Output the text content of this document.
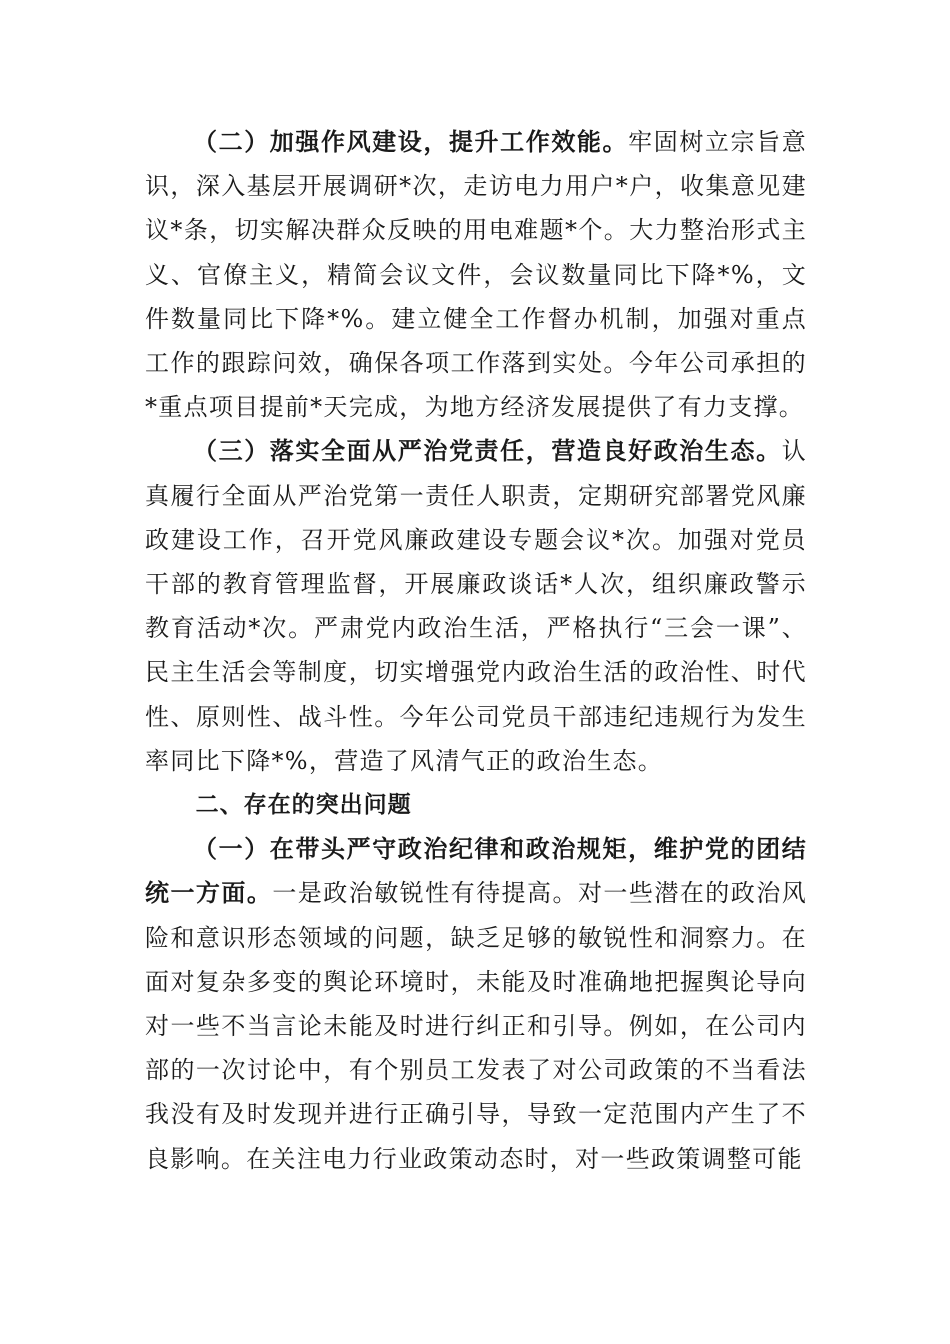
（二）加强作风建设，提升工作效能。牢固树立宗旨意识，深入基层开展调研*次，走访电力用户*户，收集意见建议*条，切实解决群众反映的用电难题*个。大力整治形式主义、官僚主义，精简会议文件，会议数量同比下降*%，文件数量同比下降*%。建立健全工作督办机制，加强对重点工作的跟踪问效，确保各项工作落到实处。今年公司承担的*重点项目提前*天完成，为地方经济发展提供了有力支撑。

（三）落实全面从严治党责任，营造良好政治生态。认真履行全面从严治党第一责任人职责，定期研究部署党风廉政建设工作，召开党风廉政建设专题会议*次。加强对党员干部的教育管理监督，开展廉政谈话*人次，组织廉政警示教育活动*次。严肃党内政治生活，严格执行“三会一课”、民主生活会等制度，切实增强党内政治生活的政治性、时代性、原则性、战斗性。今年公司党员干部违纪违规行为发生率同比下降*%，营造了风清气正的政治生态。

二、存在的突出问题

（一）在带头严守政治纪律和政治规矩，维护党的团结统一方面。一是政治敏锐性有待提高。对一些潜在的政治风险和意识形态领域的问题，缺乏足够的敏锐性和洞察力。在面对复杂多变的舆论环境时，未能及时准确地把握舆论导向对一些不当言论未能及时进行纠正和引导。例如，在公司内部的一次讨论中，有个别员工发表了对公司政策的不当看法我没有及时发现并进行正确引导，导致一定范围内产生了不良影响。在关注电力行业政策动态时，对一些政策调整可能
